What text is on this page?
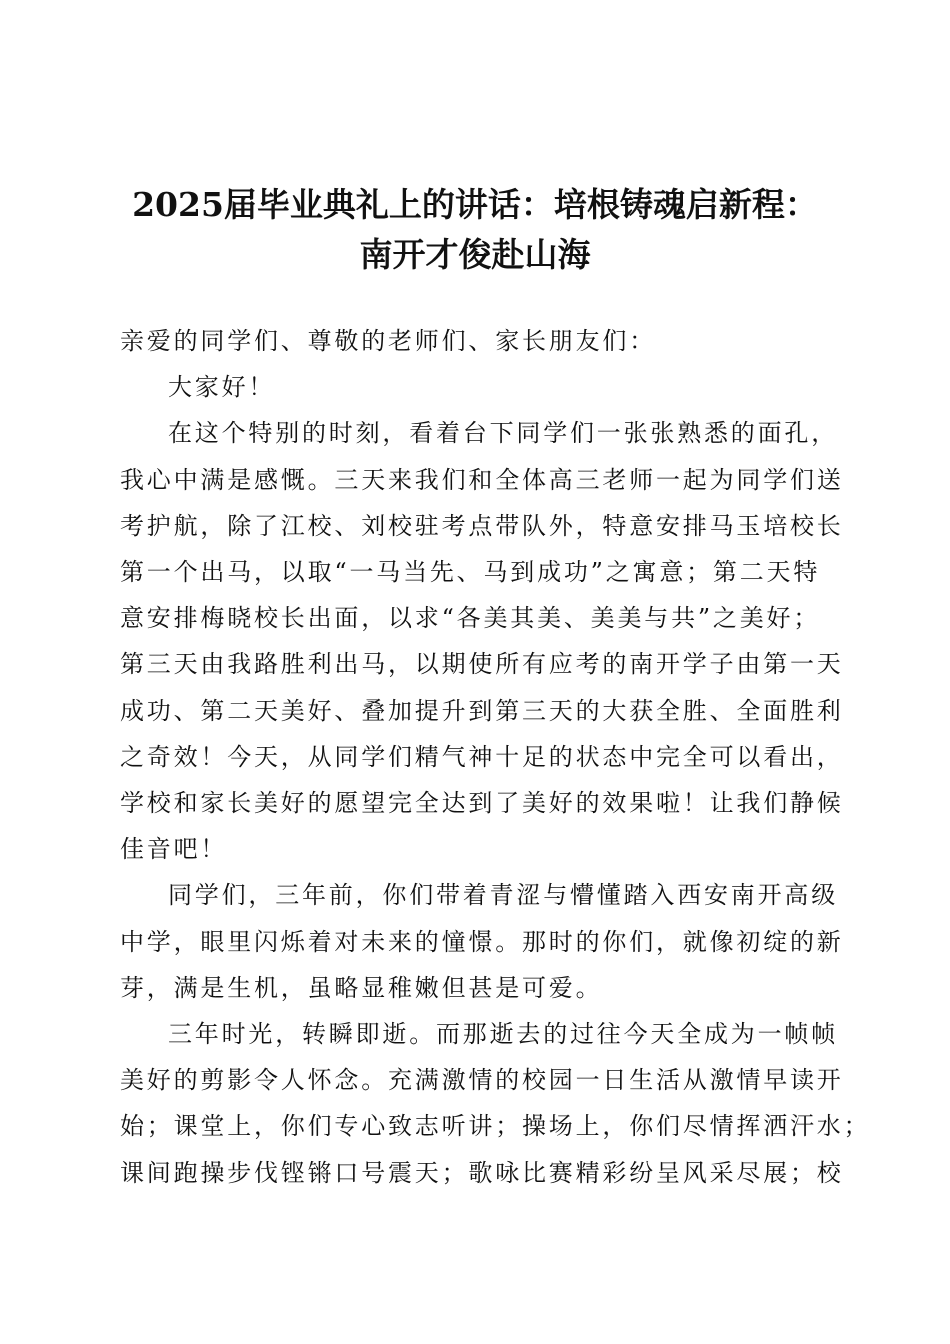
2025届毕业典礼上的讲话：培根铸魂启新程：
南开才俊赴山海

亲爱的同学们、尊敬的老师们、家长朋友们：

大家好！

在这个特别的时刻，看着台下同学们一张张熟悉的面孔，

我心中满是感慨。三天来我们和全体高三老师一起为同学们送
考护航，除了江校、刘校驻考点带队外，特意安排马玉培校长
第一个出马，以取“一马当先、马到成功”之寓意；第二天特
意安排梅晓校长出面，以求“各美其美、美美与共”之美好；
第三天由我路胜利出马，以期使所有应考的南开学子由第一天
成功、第二天美好、叠加提升到第三天的大获全胜、全面胜利
之奇效！今天，从同学们精气神十足的状态中完全可以看出，
学校和家长美好的愿望完全达到了美好的效果啦！让我们静候
佳音吧！

同学们，三年前，你们带着青涩与懵懂踏入西安南开高级

中学，眼里闪烁着对未来的憧憬。那时的你们，就像初绽的新
芽，满是生机，虽略显稚嫩但甚是可爱。

三年时光，转瞬即逝。而那逝去的过往今天全成为一帧帧

美好的剪影令人怀念。充满激情的校园一日生活从激情早读开
始；课堂上，你们专心致志听讲；操场上，你们尽情挥洒汗水；
课间跑操步伐铿锵口号震天；歌咏比赛精彩纷呈风采尽展；校
